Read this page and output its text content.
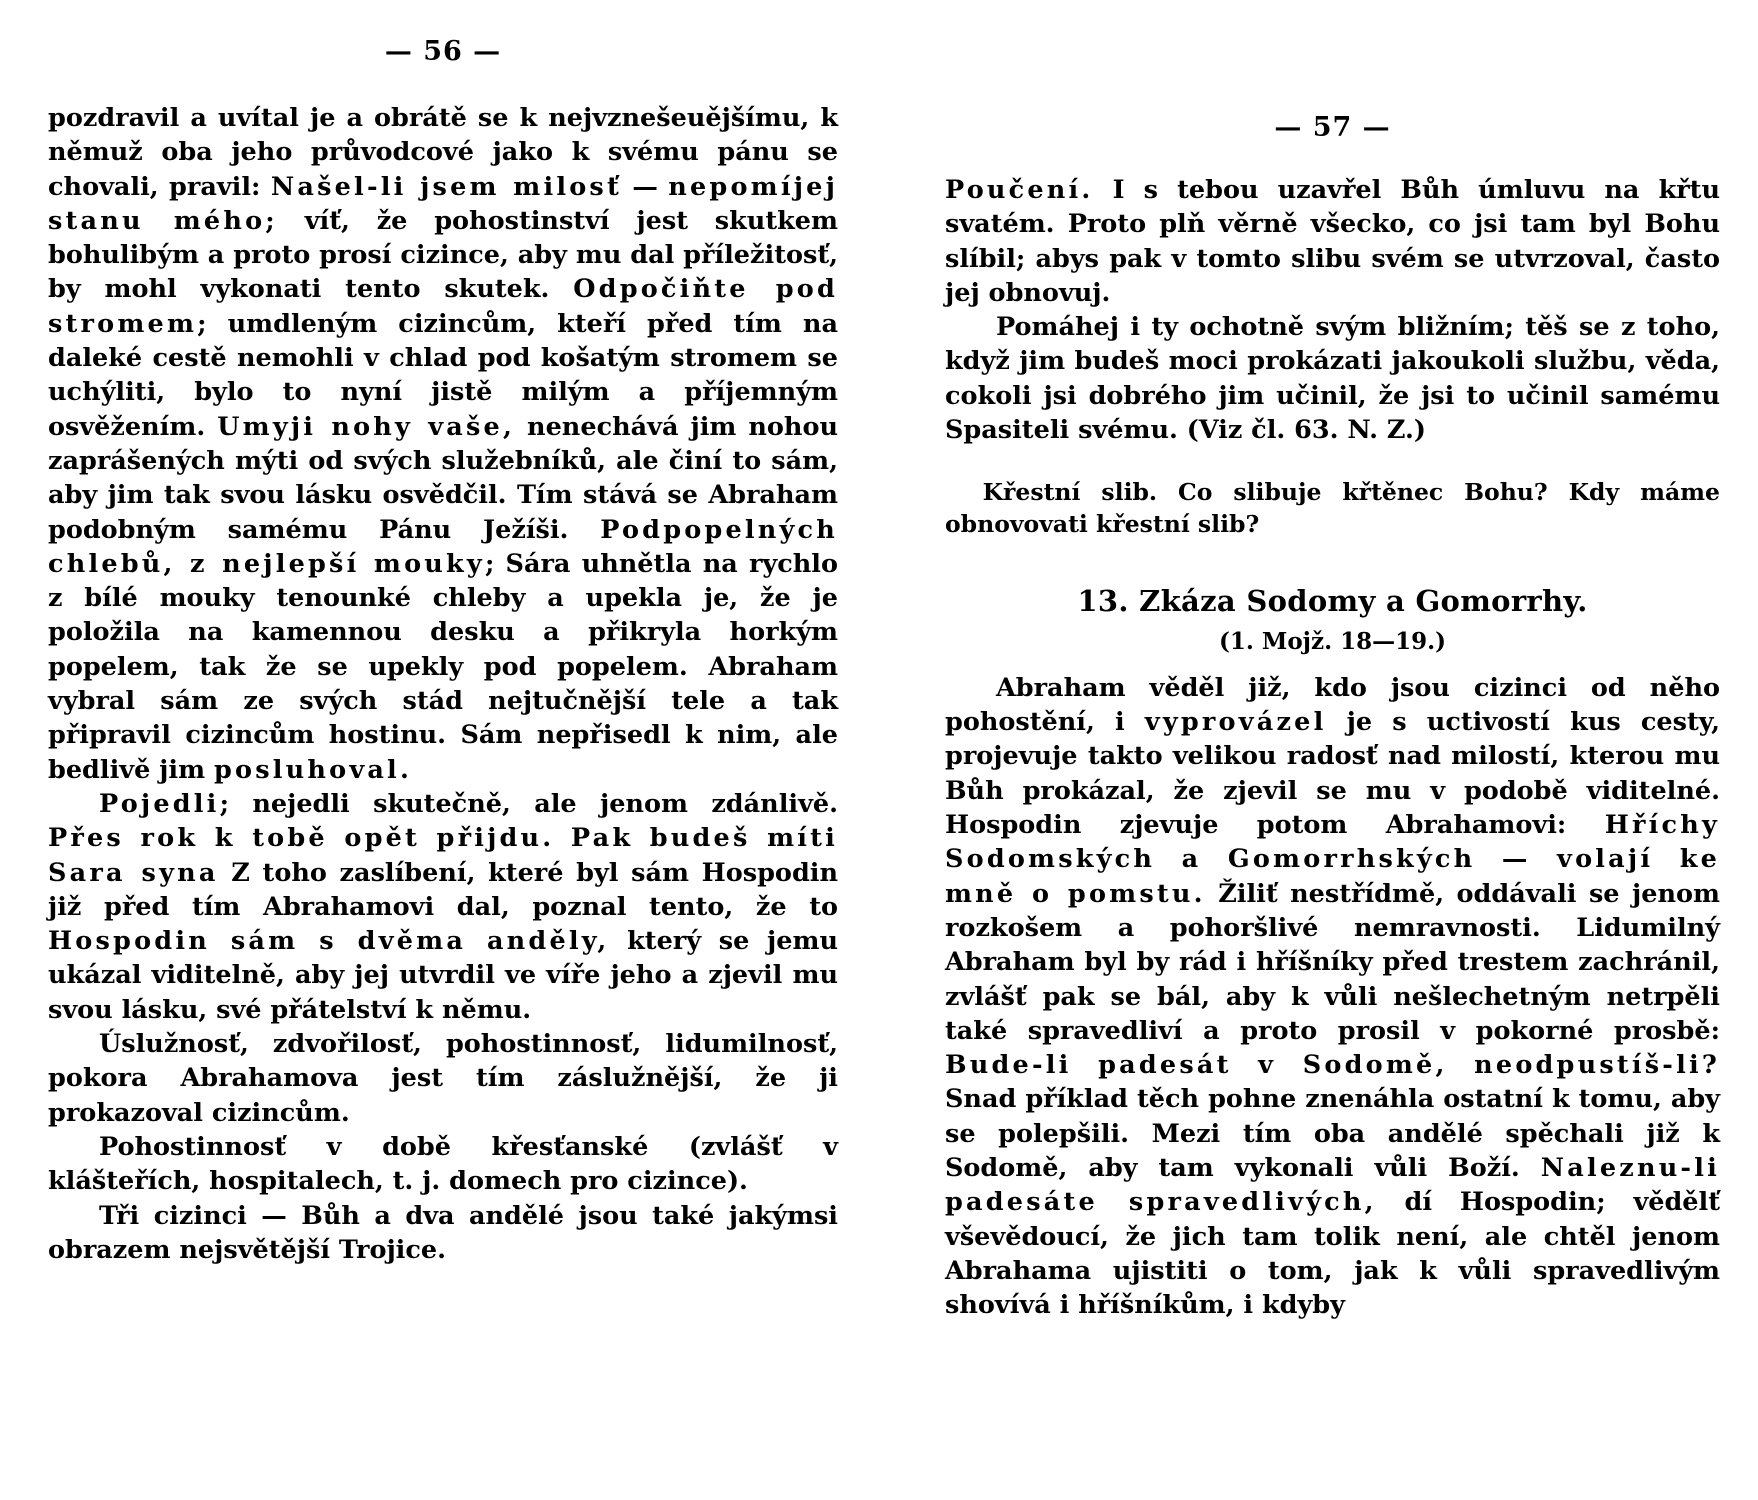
— 56 —

pozdravil a uvítal je a obrátě se k nejvznešeuějšímu, k němuž oba jeho průvodcové jako k svému pánu se chovali, pravil: Našel-li jsem milosť — nepomíjej stanu mého; víť, že pohostinství jest skutkem bohulibým a proto prosí cizince, aby mu dal příležitosť, by mohl vykonati tento skutek. Odpočiňte pod stromem; umdleným cizincům, kteří před tím na daleké cestě nemohli v chlad pod košatým stromem se uchýliti, bylo to nyní jistě milým a příjemným osvěžením. Umyji nohy vaše, nenechává jim nohou zaprášených mýti od svých služebníků, ale činí to sám, aby jim tak svou lásku osvědčil. Tím stává se Abraham podobným samému Pánu Ježíši. Podpopelných chlebů, z nejlepší mouky; Sára uhnětla na rychlo z bílé mouky tenounké chleby a upekla je, že je položila na kamennou desku a přikryla horkým popelem, tak že se upekly pod popelem. Abraham vybral sám ze svých stád nejtučnější tele a tak připravil cizincům hostinu. Sám nepřisedl k nim, ale bedlivě jim posluhoval.

Pojedli; nejedli skutečně, ale jenom zdánlivě. Přes rok k tobě opět přijdu. Pak budeš míti Sara syna Z toho zaslíbení, které byl sám Hospodin již před tím Abrahamovi dal, poznal tento, že to Hospodin sám s dvěma anděly, který se jemu ukázal viditelně, aby jej utvrdil ve víře jeho a zjevil mu svou lásku, své přátelství k němu.

Úslužnosť, zdvořilosť, pohostinnosť, lidumilnosť, pokora Abrahamova jest tím záslužnější, že ji prokazoval cizincům.

Pohostinnosť v době křesťanské (zvlášť v klášteřích, hospitalech, t. j. domech pro cizince).

Tři cizinci — Bůh a dva andělé jsou také jakýmsi obrazem nejsvětější Trojice.

— 57 —

Poučení. I s tebou uzavřel Bůh úmluvu na křtu svatém. Proto plň věrně všecko, co jsi tam byl Bohu slíbil; abys pak v tomto slibu svém se utvrzoval, často jej obnovuj.

Pomáhej i ty ochotně svým bližním; těš se z toho, když jim budeš moci prokázati jakoukoli službu, věda, cokoli jsi dobrého jim učinil, že jsi to učinil samému Spasiteli svému. (Viz čl. 63. N. Z.)

Křestní slib. Co slibuje křtěnec Bohu? Kdy máme obnovovati křestní slib?

13. Zkáza Sodomy a Gomorrhy.
(1. Mojž. 18—19.)

Abraham věděl již, kdo jsou cizinci od něho pohostění, i vyprovázel je s uctivostí kus cesty, projevuje takto velikou radosť nad milostí, kterou mu Bůh prokázal, že zjevil se mu v podobě viditelné. Hospodin zjevuje potom Abrahamovi: Hříchy Sodomských a Gomorrhských — volají ke mně o pomstu. Žiliť nestřídmě, oddávali se jenom rozkošem a pohoršlivé nemravnosti. Lidumilný Abraham byl by rád i hříšníky před trestem zachránil, zvlášť pak se bál, aby k vůli nešlechetným netrpěli také spravedliví a proto prosil v pokorné prosbě: Bude-li padesát v Sodomě, neodpustíš-li? Snad příklad těch pohne znenáhla ostatní k tomu, aby se polepšili. Mezi tím oba andělé spěchali již k Sodomě, aby tam vykonali vůli Boží. Naleznu-li padesáte spravedlivých, dí Hospodin; vědělť vševědoucí, že jich tam tolik není, ale chtěl jenom Abrahama ujistiti o tom, jak k vůli spravedlivým shovívá i hříšníkům, i kdyby
